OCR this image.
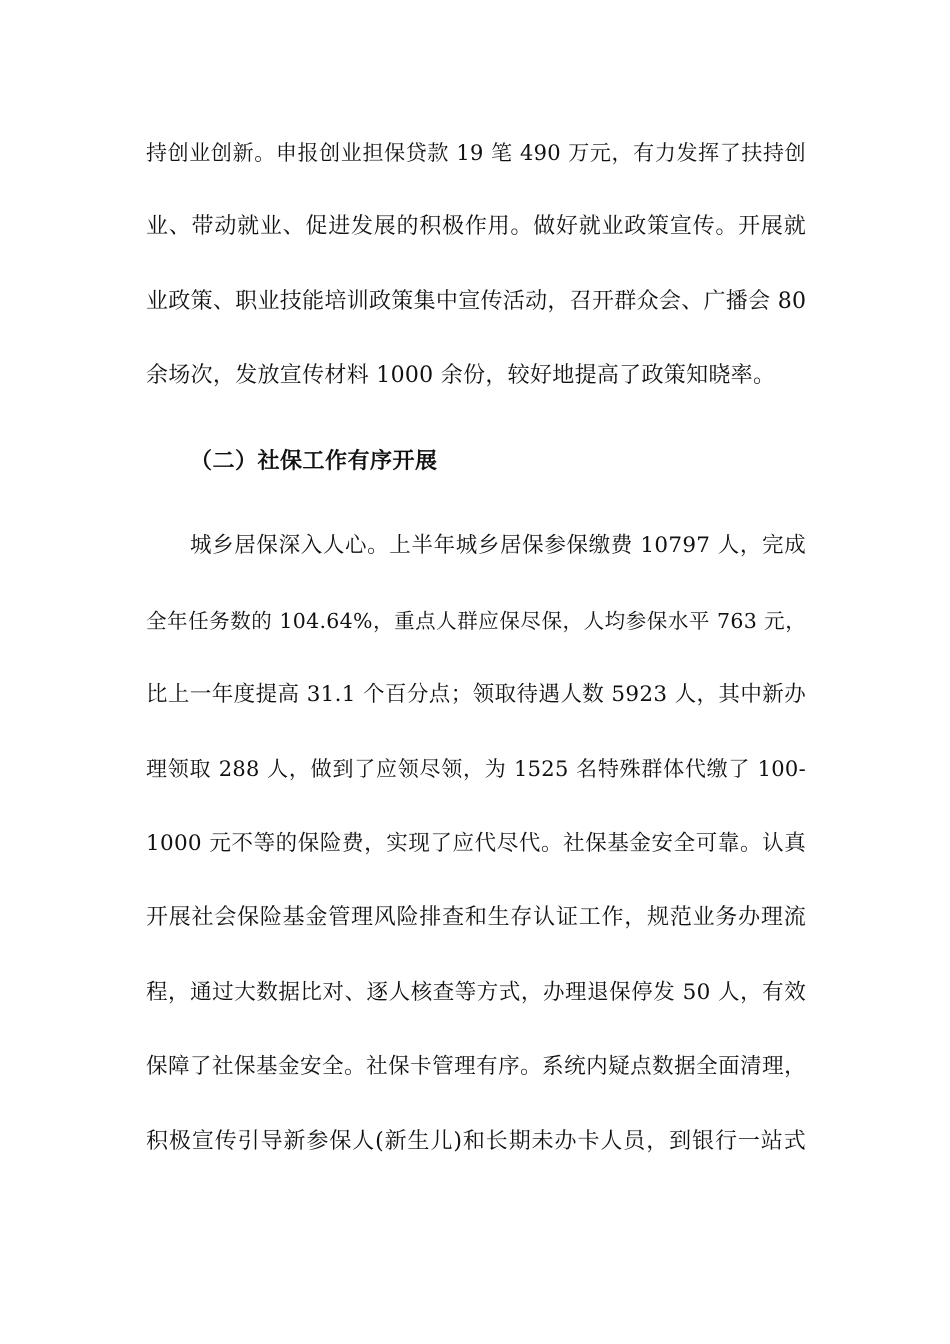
持创业创新。申报创业担保贷款 19 笔 490 万元，有力发挥了扶持创
业、带动就业、促进发展的积极作用。做好就业政策宣传。开展就
业政策、职业技能培训政策集中宣传活动，召开群众会、广播会 80
余场次，发放宣传材料 1000 余份，较好地提高了政策知晓率。
（二）社保工作有序开展
城乡居保深入人心。上半年城乡居保参保缴费 10797 人，完成
全年任务数的 104.64%，重点人群应保尽保，人均参保水平 763 元，
比上一年度提高 31.1 个百分点；领取待遇人数 5923 人，其中新办
理领取 288 人，做到了应领尽领，为 1525 名特殊群体代缴了 100-
1000 元不等的保险费，实现了应代尽代。社保基金安全可靠。认真
开展社会保险基金管理风险排查和生存认证工作，规范业务办理流
程，通过大数据比对、逐人核查等方式，办理退保停发 50 人，有效
保障了社保基金安全。社保卡管理有序。系统内疑点数据全面清理，
积极宣传引导新参保人(新生儿)和长期未办卡人员，到银行一站式
